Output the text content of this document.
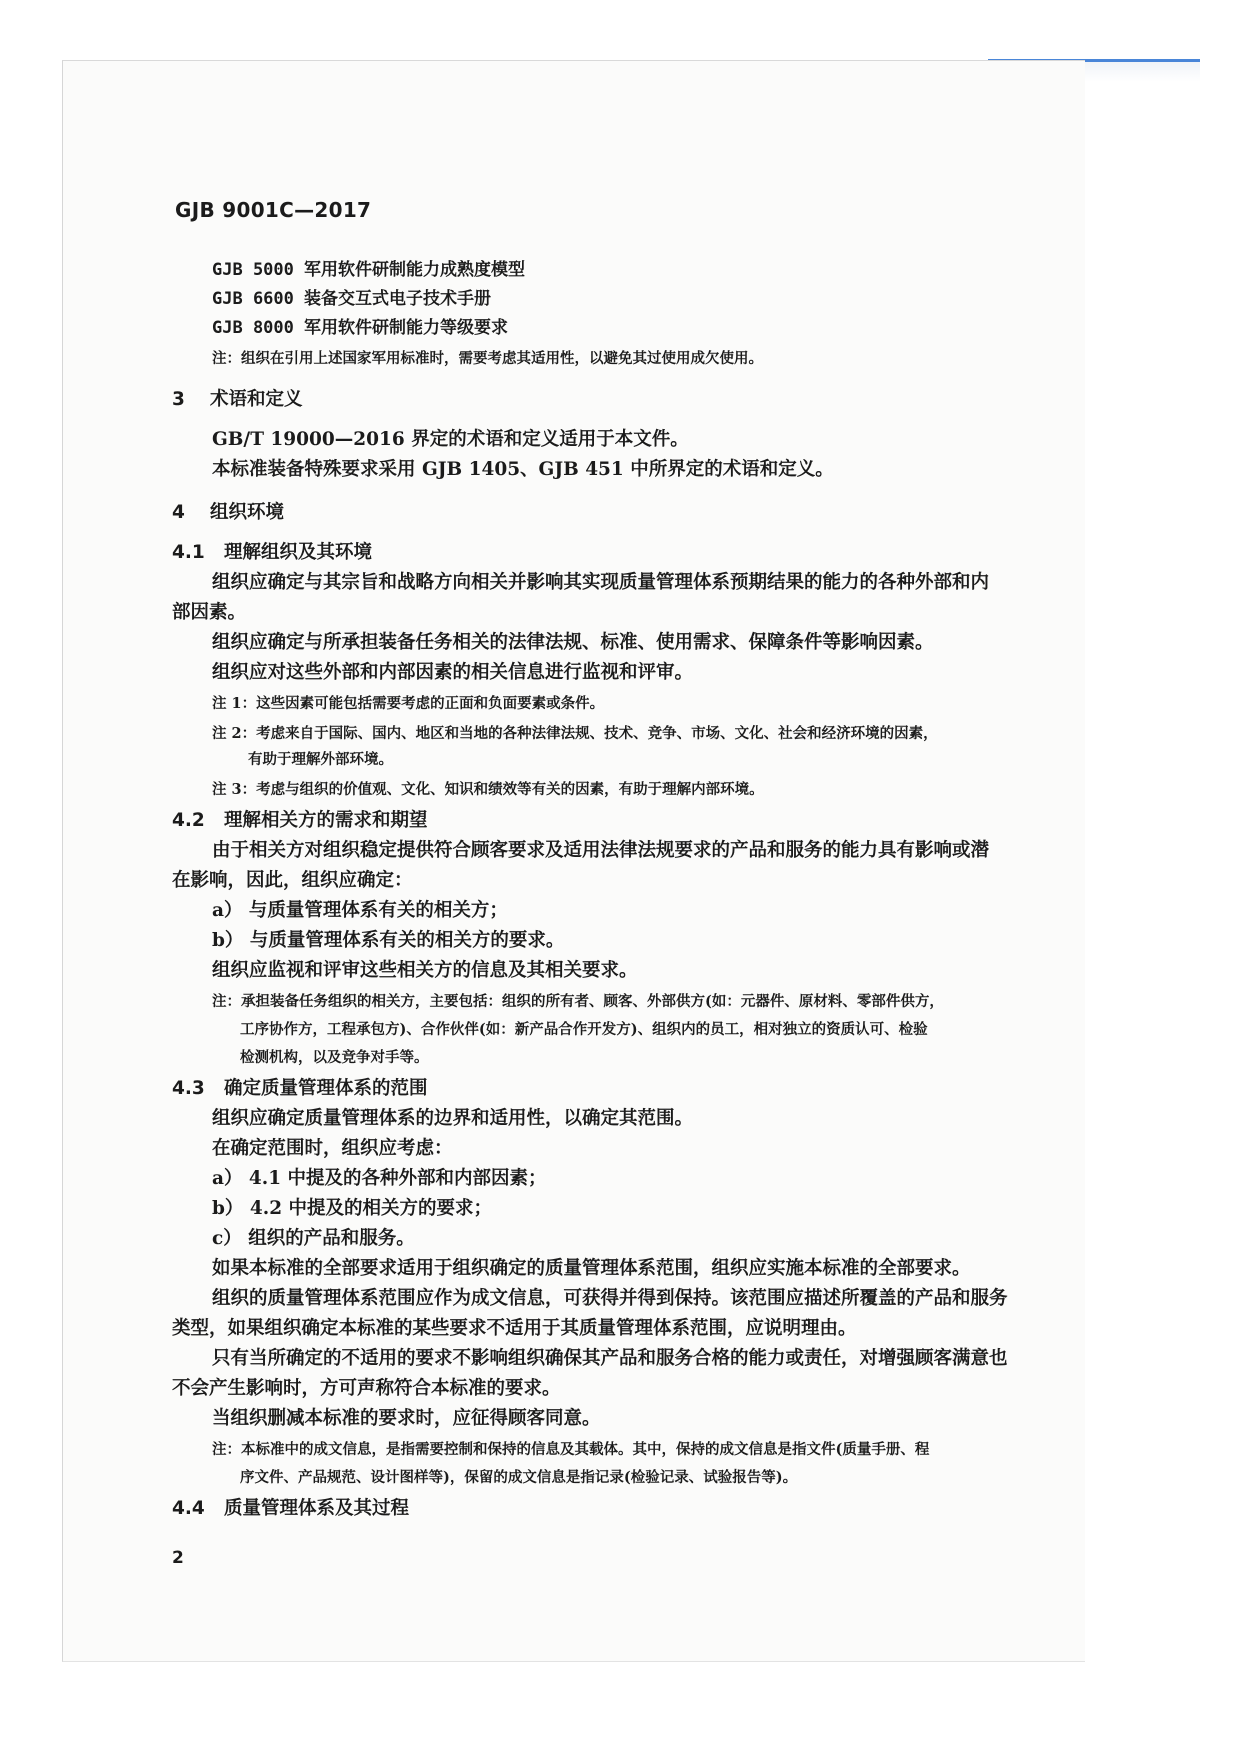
GJB 9001C—2017
GJB 5000 军用软件研制能力成熟度模型
GJB 6600 装备交互式电子技术手册
GJB 8000 军用软件研制能力等级要求
注：组织在引用上述国家军用标准时，需要考虑其适用性，以避免其过使用成欠使用。
3 术语和定义
GB/T 19000—2016 界定的术语和定义适用于本文件。
本标准装备特殊要求采用 GJB 1405、GJB 451 中所界定的术语和定义。
4 组织环境
4.1 理解组织及其环境
组织应确定与其宗旨和战略方向相关并影响其实现质量管理体系预期结果的能力的各种外部和内
部因素。
组织应确定与所承担装备任务相关的法律法规、标准、使用需求、保障条件等影响因素。
组织应对这些外部和内部因素的相关信息进行监视和评审。
注 1：这些因素可能包括需要考虑的正面和负面要素或条件。
注 2：考虑来自于国际、国内、地区和当地的各种法律法规、技术、竞争、市场、文化、社会和经济环境的因素，
有助于理解外部环境。
注 3：考虑与组织的价值观、文化、知识和绩效等有关的因素，有助于理解内部环境。
4.2 理解相关方的需求和期望
由于相关方对组织稳定提供符合顾客要求及适用法律法规要求的产品和服务的能力具有影响或潜
在影响，因此，组织应确定：
a） 与质量管理体系有关的相关方；
b） 与质量管理体系有关的相关方的要求。
组织应监视和评审这些相关方的信息及其相关要求。
注：承担装备任务组织的相关方，主要包括：组织的所有者、顾客、外部供方(如：元器件、原材料、零部件供方，
工序协作方，工程承包方)、合作伙伴(如：新产品合作开发方)、组织内的员工，相对独立的资质认可、检验
检测机构，以及竞争对手等。
4.3 确定质量管理体系的范围
组织应确定质量管理体系的边界和适用性，以确定其范围。
在确定范围时，组织应考虑：
a） 4.1 中提及的各种外部和内部因素；
b） 4.2 中提及的相关方的要求；
c） 组织的产品和服务。
如果本标准的全部要求适用于组织确定的质量管理体系范围，组织应实施本标准的全部要求。
组织的质量管理体系范围应作为成文信息，可获得并得到保持。该范围应描述所覆盖的产品和服务
类型，如果组织确定本标准的某些要求不适用于其质量管理体系范围，应说明理由。
只有当所确定的不适用的要求不影响组织确保其产品和服务合格的能力或责任，对增强顾客满意也
不会产生影响时，方可声称符合本标准的要求。
当组织删减本标准的要求时，应征得顾客同意。
注：本标准中的成文信息，是指需要控制和保持的信息及其载体。其中，保持的成文信息是指文件(质量手册、程
序文件、产品规范、设计图样等)，保留的成文信息是指记录(检验记录、试验报告等)。
4.4 质量管理体系及其过程
2
